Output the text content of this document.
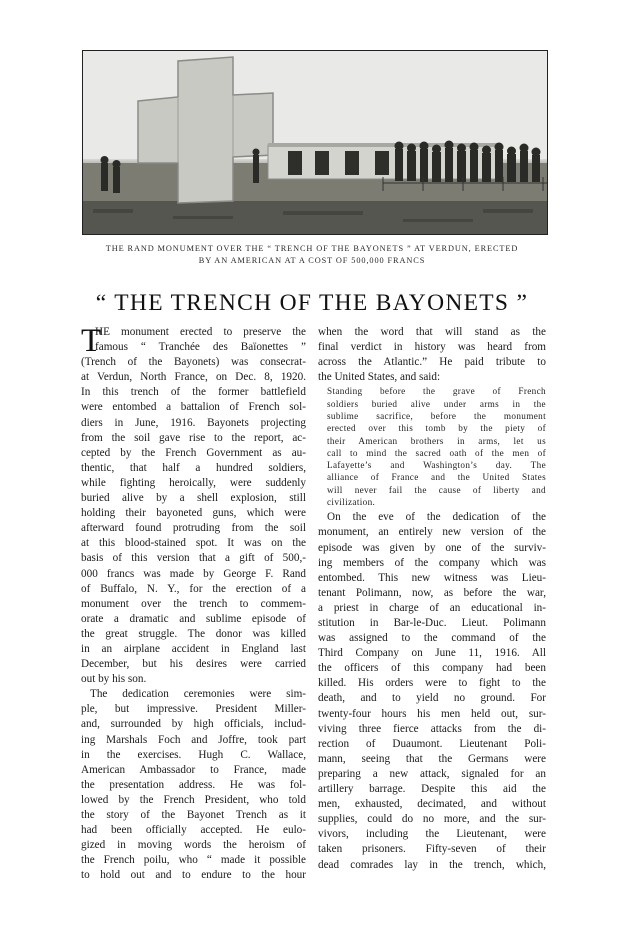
THE RAND MONUMENT OVER THE “ TRENCH OF THE BAYONETS ” AT VERDUN, ERECTED
BY AN AMERICAN AT A COST OF 500,000 FRANCS
“ THE TRENCH OF THE BAYONETS ”
T
HE monument erected to preserve the
famous “ Tranchée des Baïonettes ”
(Trench of the Bayonets) was consecrat-
at Verdun, North France, on Dec. 8, 1920.
In this trench of the former battlefield
were entombed a battalion of French sol-
diers in June, 1916. Bayonets projecting
from the soil gave rise to the report, ac-
cepted by the French Government as au-
thentic, that half a hundred soldiers,
while fighting heroically, were suddenly
buried alive by a shell explosion, still
holding their bayoneted guns, which were
afterward found protruding from the soil
at this blood-stained spot. It was on the
basis of this version that a gift of 500,-
000 francs was made by George F. Rand
of Buffalo, N. Y., for the erection of a
monument over the trench to commem-
orate a dramatic and sublime episode of
the great struggle. The donor was killed
in an airplane accident in England last
December, but his desires were carried
out by his son.
The dedication ceremonies were sim-
ple, but impressive. President Miller-
and, surrounded by high officials, includ-
ing Marshals Foch and Joffre, took part
in the exercises. Hugh C. Wallace,
American Ambassador to France, made
the presentation address. He was fol-
lowed by the French President, who told
the story of the Bayonet Trench as it
had been officially accepted. He eulo-
gized in moving words the heroism of
the French poilu, who “ made it possible
to hold out and to endure to the hour
when the word that will stand as the
final verdict in history was heard from
across the Atlantic.” He paid tribute to
the United States, and said:
Standing before the grave of French
soldiers buried alive under arms in the
sublime sacrifice, before the monument
erected over this tomb by the piety of
their American brothers in arms, let us
call to mind the sacred oath of the men of
Lafayette’s and Washington’s day. The
alliance of France and the United States
will never fail the cause of liberty and
civilization.
On the eve of the dedication of the
monument, an entirely new version of the
episode was given by one of the surviv-
ing members of the company which was
entombed. This new witness was Lieu-
tenant Polimann, now, as before the war,
a priest in charge of an educational in-
stitution in Bar-le-Duc. Lieut. Polimann
was assigned to the command of the
Third Company on June 11, 1916. All
the officers of this company had been
killed. His orders were to fight to the
death, and to yield no ground. For
twenty-four hours his men held out, sur-
viving three fierce attacks from the di-
rection of Duaumont. Lieutenant Poli-
mann, seeing that the Germans were
preparing a new attack, signaled for an
artillery barrage. Despite this aid the
men, exhausted, decimated, and without
supplies, could do no more, and the sur-
vivors, including the Lieutenant, were
taken prisoners. Fifty-seven of their
dead comrades lay in the trench, which,
